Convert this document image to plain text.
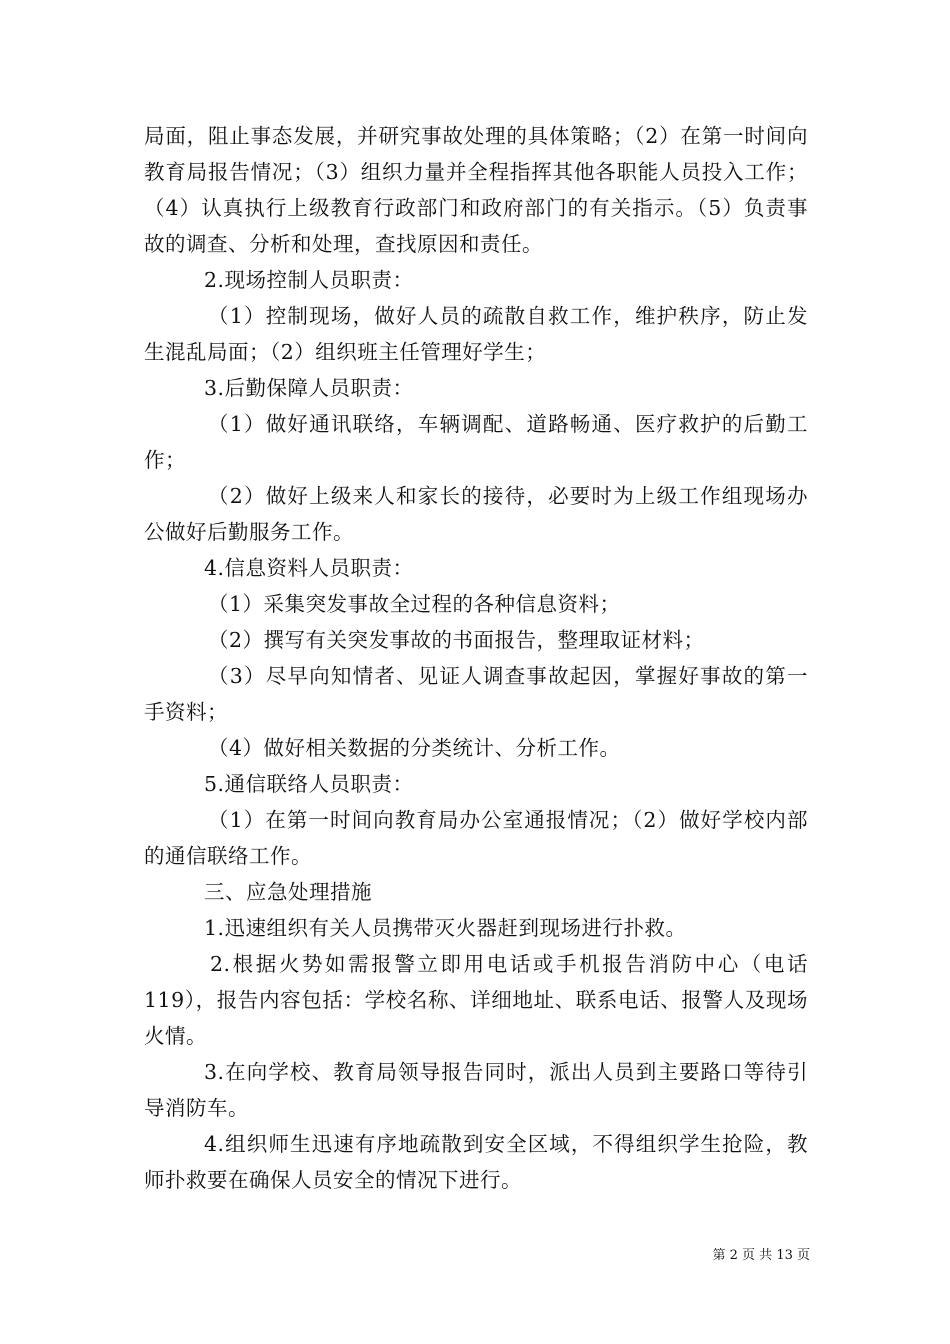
局面，阻止事态发展，并研究事故处理的具体策略；（2）在第一时间向教育局报告情况；（3）组织力量并全程指挥其他各职能人员投入工作；（4）认真执行上级教育行政部门和政府部门的有关指示。（5）负责事故的调查、分析和处理，查找原因和责任。

2.现场控制人员职责：

（1）控制现场，做好人员的疏散自救工作，维护秩序，防止发生混乱局面；（2）组织班主任管理好学生；

3.后勤保障人员职责：

（1）做好通讯联络，车辆调配、道路畅通、医疗救护的后勤工作；

（2）做好上级来人和家长的接待，必要时为上级工作组现场办公做好后勤服务工作。

4.信息资料人员职责：

（1）采集突发事故全过程的各种信息资料；

（2）撰写有关突发事故的书面报告，整理取证材料；

（3）尽早向知情者、见证人调查事故起因，掌握好事故的第一手资料；

（4）做好相关数据的分类统计、分析工作。

5.通信联络人员职责：

（1）在第一时间向教育局办公室通报情况；（2）做好学校内部的通信联络工作。

三、应急处理措施

1.迅速组织有关人员携带灭火器赶到现场进行扑救。

2.根据火势如需报警立即用电话或手机报告消防中心（电话119），报告内容包括：学校名称、详细地址、联系电话、报警人及现场火情。

3.在向学校、教育局领导报告同时，派出人员到主要路口等待引导消防车。

4.组织师生迅速有序地疏散到安全区域，不得组织学生抢险，教师扑救要在确保人员安全的情况下进行。

第 2 页 共 13 页
